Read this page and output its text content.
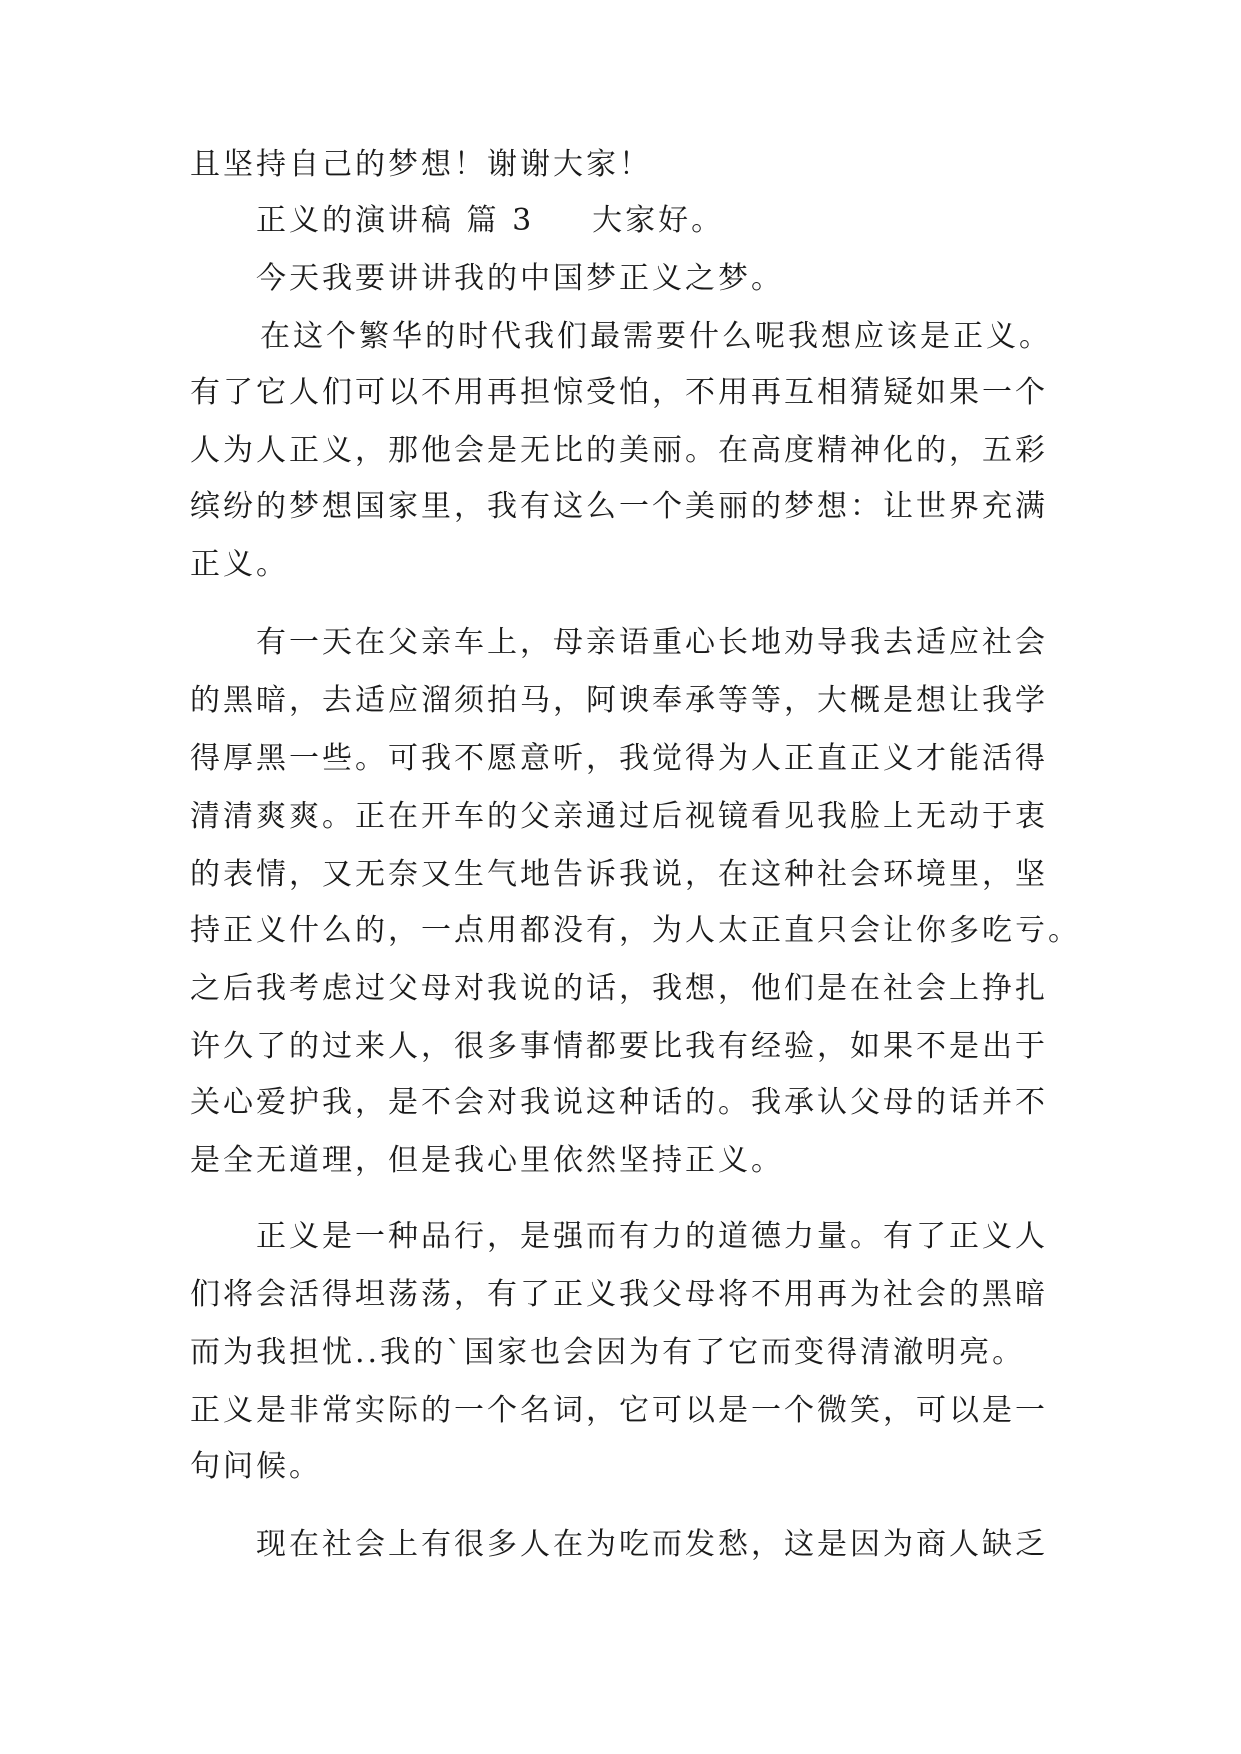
且坚持自己的梦想！谢谢大家！
正义的演讲稿 篇 3 大家好。
今天我要讲讲我的中国梦正义之梦。
在这个繁华的时代我们最需要什么呢我想应该是正义。
有了它人们可以不用再担惊受怕，不用再互相猜疑如果一个
人为人正义，那他会是无比的美丽。在高度精神化的，五彩
缤纷的梦想国家里，我有这么一个美丽的梦想：让世界充满
正义。
有一天在父亲车上，母亲语重心长地劝导我去适应社会
的黑暗，去适应溜须拍马，阿谀奉承等等，大概是想让我学
得厚黑一些。可我不愿意听，我觉得为人正直正义才能活得
清清爽爽。正在开车的父亲通过后视镜看见我脸上无动于衷
的表情，又无奈又生气地告诉我说，在这种社会环境里，坚
持正义什么的，一点用都没有，为人太正直只会让你多吃亏。
之后我考虑过父母对我说的话，我想，他们是在社会上挣扎
许久了的过来人，很多事情都要比我有经验，如果不是出于
关心爱护我，是不会对我说这种话的。我承认父母的话并不
是全无道理，但是我心里依然坚持正义。
正义是一种品行，是强而有力的道德力量。有了正义人
们将会活得坦荡荡，有了正义我父母将不用再为社会的黑暗
而为我担忧..我的`国家也会因为有了它而变得清澈明亮。
正义是非常实际的一个名词，它可以是一个微笑，可以是一
句问候。
现在社会上有很多人在为吃而发愁，这是因为商人缺乏
